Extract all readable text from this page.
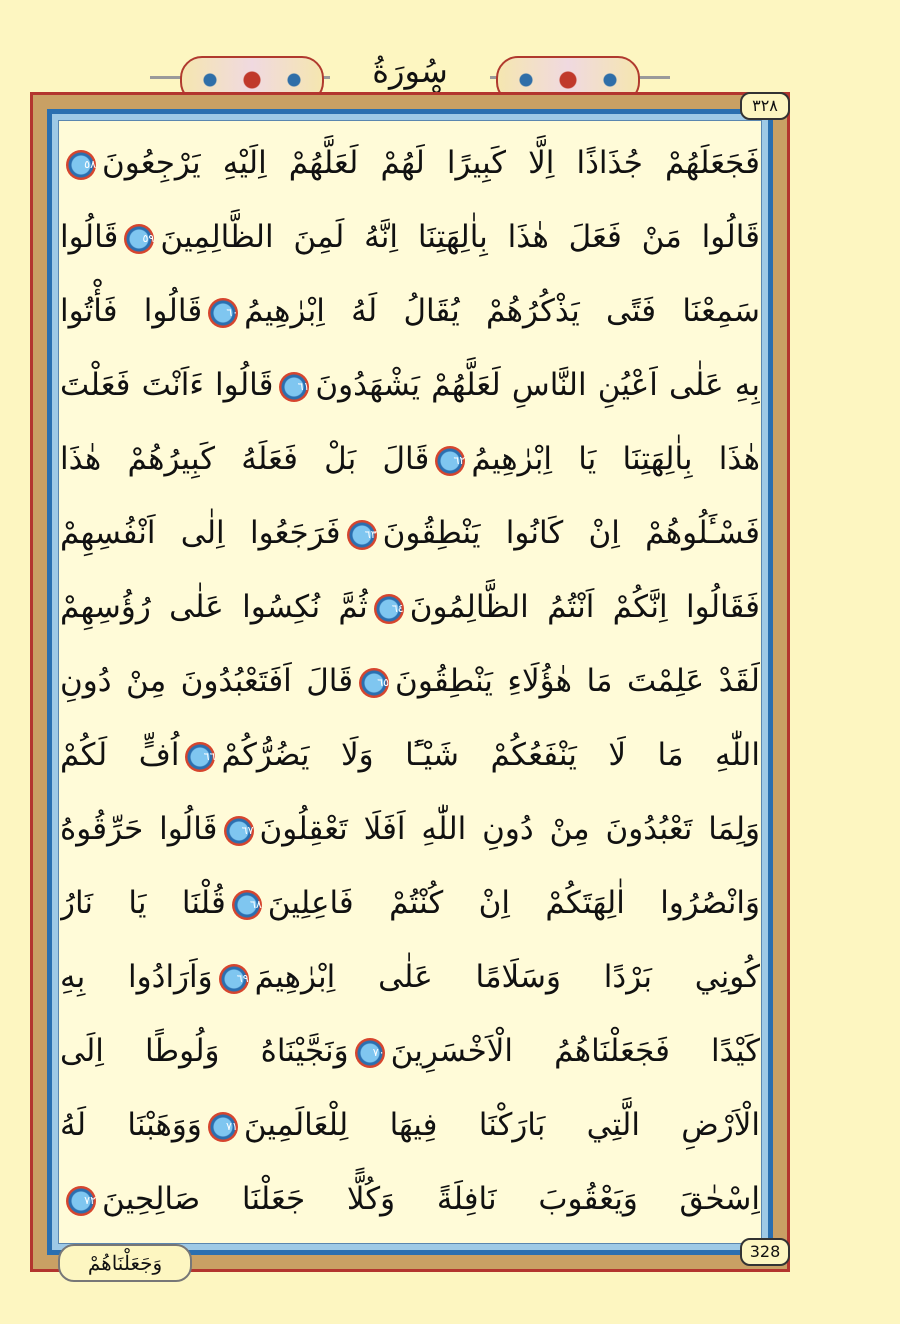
سُورَةُ
٣٢٨
328
فَجَعَلَهُمْ جُذَاذًا اِلَّا كَبِيرًا لَهُمْ لَعَلَّهُمْ اِلَيْهِ يَرْجِعُونَ٥٨
قَالُوا مَنْ فَعَلَ هٰذَا بِاٰلِهَتِنَا اِنَّهُ لَمِنَ الظَّالِمِينَ٥٩قَالُوا
سَمِعْنَا فَتًى يَذْكُرُهُمْ يُقَالُ لَهُ اِبْرٰهِيمُ٦٠قَالُوا فَأْتُوا
بِهِ عَلٰى اَعْيُنِ النَّاسِ لَعَلَّهُمْ يَشْهَدُونَ٦١قَالُوا ءَاَنْتَ فَعَلْتَ
هٰذَا بِاٰلِهَتِنَا يَا اِبْرٰهِيمُ٦٢قَالَ بَلْ فَعَلَهُ كَبِيرُهُمْ هٰذَا
فَسْـَٔلُوهُمْ اِنْ كَانُوا يَنْطِقُونَ٦٣فَرَجَعُوا اِلٰى اَنْفُسِهِمْ
فَقَالُوا اِنَّكُمْ اَنْتُمُ الظَّالِمُونَ٦٤ثُمَّ نُكِسُوا عَلٰى رُؤُسِهِمْ
لَقَدْ عَلِمْتَ مَا هٰؤُلَاءِ يَنْطِقُونَ٦٥قَالَ اَفَتَعْبُدُونَ مِنْ دُونِ
اللّٰهِ مَا لَا يَنْفَعُكُمْ شَيْـًٔا وَلَا يَضُرُّكُمْ٦٦اُفٍّ لَكُمْ
وَلِمَا تَعْبُدُونَ مِنْ دُونِ اللّٰهِ اَفَلَا تَعْقِلُونَ٦٧قَالُوا حَرِّقُوهُ
وَانْصُرُوا اٰلِهَتَكُمْ اِنْ كُنْتُمْ فَاعِلِينَ٦٨قُلْنَا يَا نَارُ
كُونِي بَرْدًا وَسَلَامًا عَلٰى اِبْرٰهِيمَ٦٩وَاَرَادُوا بِهِ
كَيْدًا فَجَعَلْنَاهُمُ الْاَخْسَرِينَ٧٠وَنَجَّيْنَاهُ وَلُوطًا اِلَى
الْاَرْضِ الَّتِي بَارَكْنَا فِيهَا لِلْعَالَمِينَ٧١وَوَهَبْنَا لَهُ
اِسْحٰقَ وَيَعْقُوبَ نَافِلَةً وَكُلًّا جَعَلْنَا صَالِحِينَ٧٢
وَجَعَلْنَاهُمْ
